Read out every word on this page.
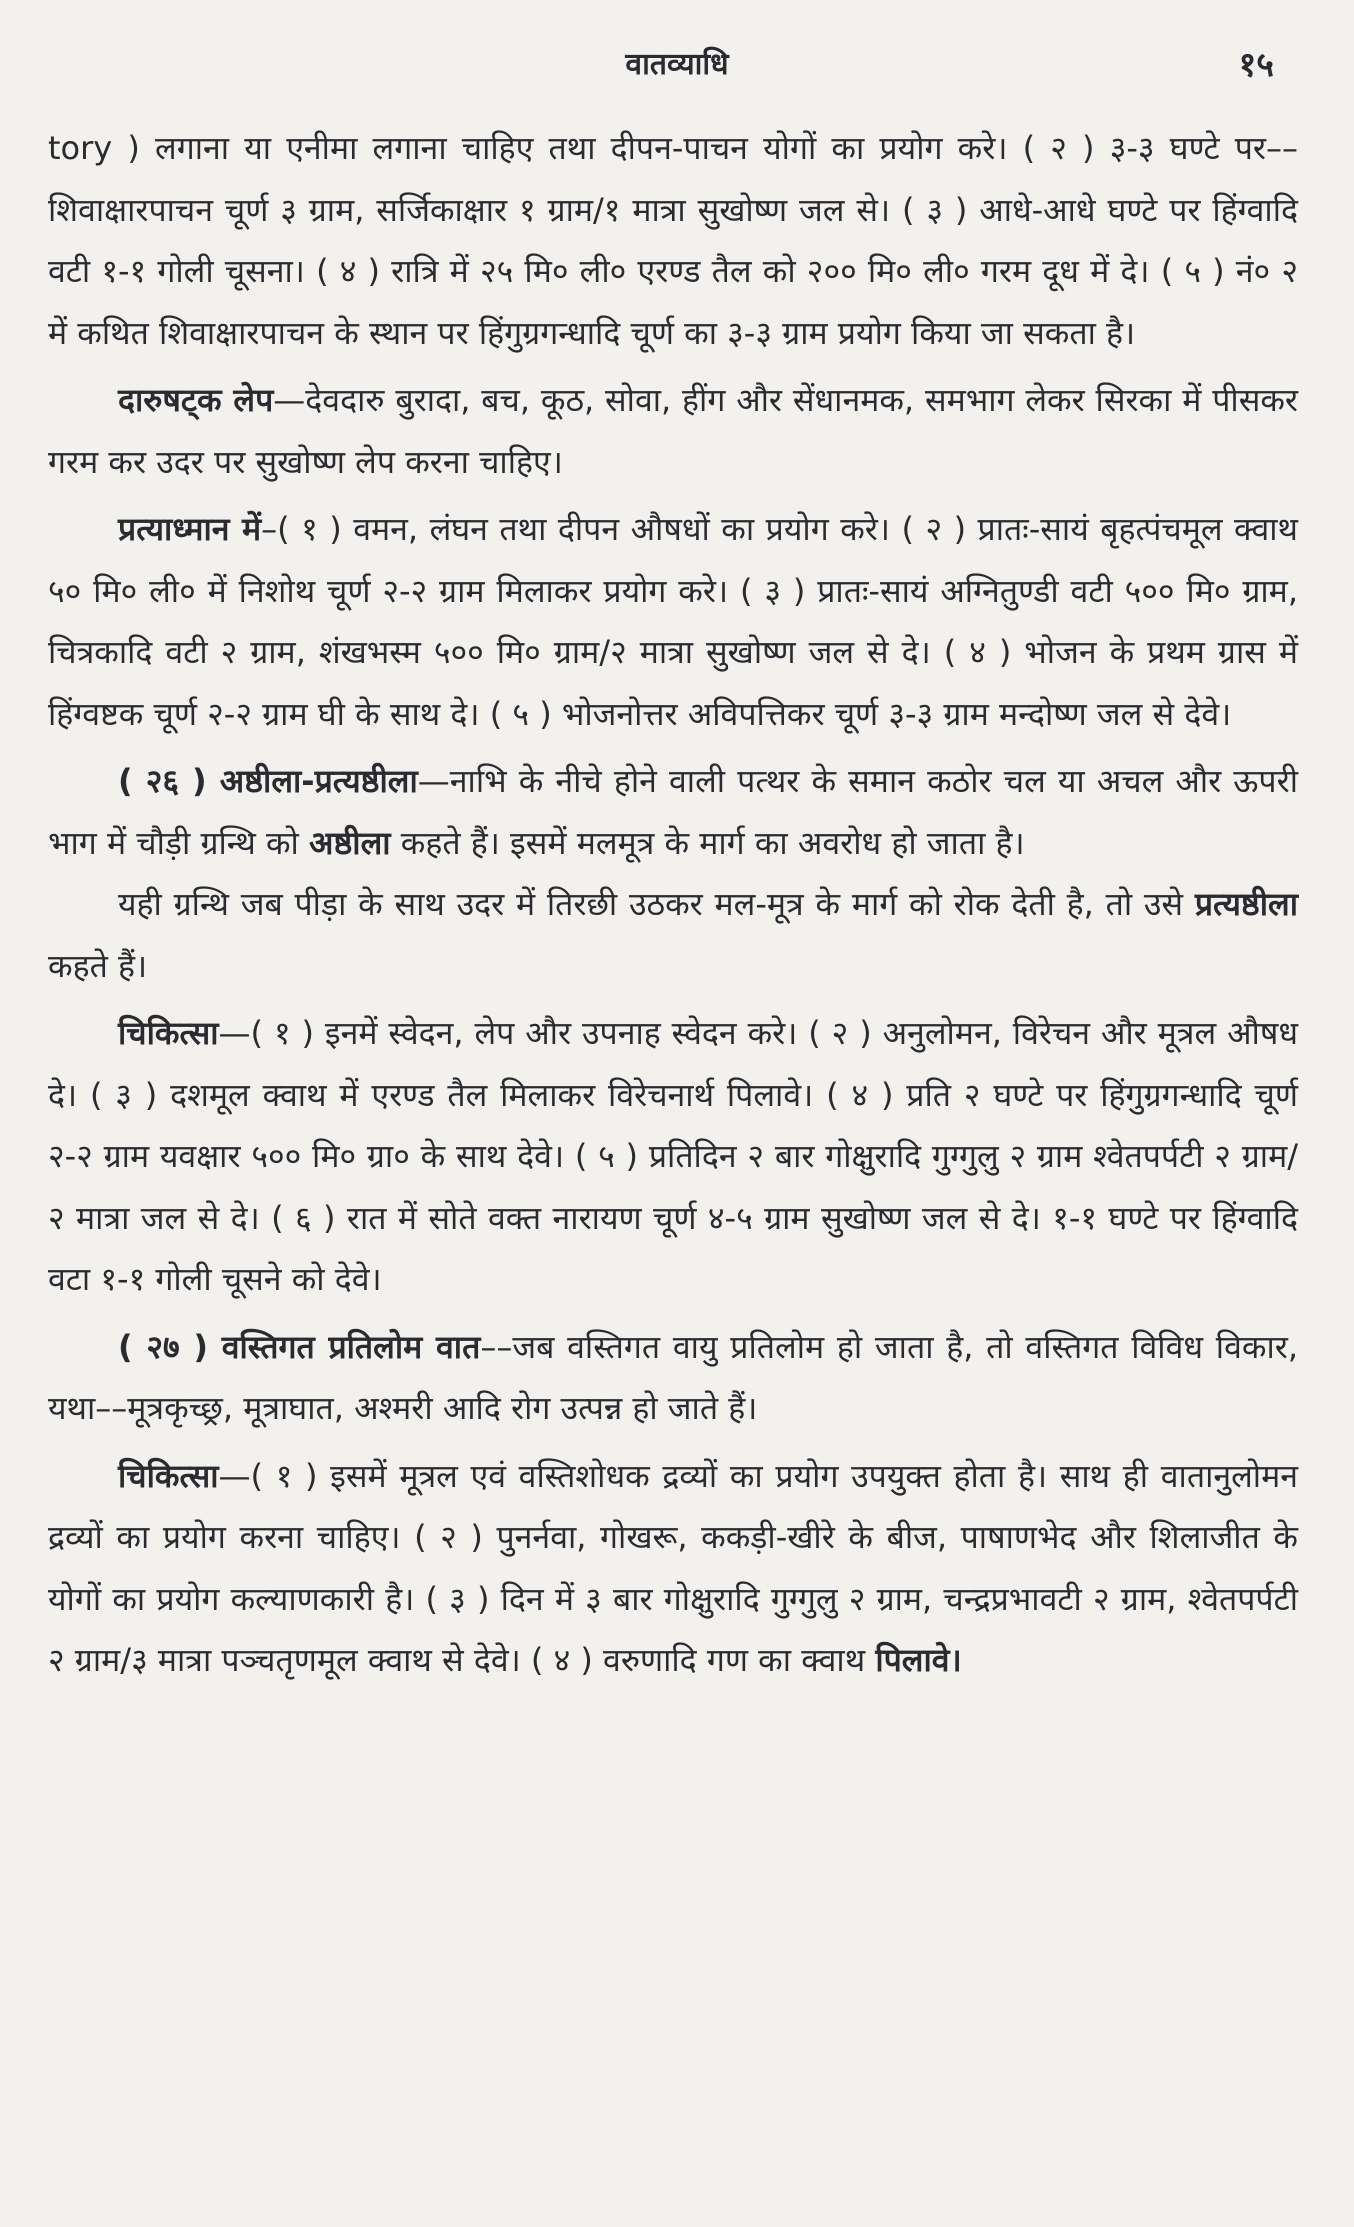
वातव्याधि	१५

tory ) लगाना या एनीमा लगाना चाहिए तथा दीपन-पाचन योगों का प्रयोग करे। ( २ ) ३-३ घण्टे पर––शिवाक्षारपाचन चूर्ण ३ ग्राम, सर्जिकाक्षार १ ग्राम/१ मात्रा सुखोष्ण जल से। ( ३ ) आधे-आधे घण्टे पर हिंग्वादि वटी १-१ गोली चूसना। ( ४ ) रात्रि में २५ मि० ली० एरण्ड तैल को २०० मि० ली० गरम दूध में दे। ( ५ ) नं० २ में कथित शिवाक्षारपाचन के स्थान पर हिंगुग्रगन्धादि चूर्ण का ३-३ ग्राम प्रयोग किया जा सकता है।

दारुषट्क लेप—देवदारु बुरादा, बच, कूठ, सोवा, हींग और सेंधानमक, समभाग लेकर सिरका में पीसकर गरम कर उदर पर सुखोष्ण लेप करना चाहिए।

प्रत्याध्मान में–( १ ) वमन, लंघन तथा दीपन औषधों का प्रयोग करे। ( २ ) प्रातः-सायं बृहत्पंचमूल क्वाथ ५० मि० ली० में निशोथ चूर्ण २-२ ग्राम मिलाकर प्रयोग करे। ( ३ ) प्रातः-सायं अग्नितुण्डी वटी ५०० मि० ग्राम, चित्रकादि वटी २ ग्राम, शंखभस्म ५०० मि० ग्राम/२ मात्रा सुखोष्ण जल से दे। ( ४ ) भोजन के प्रथम ग्रास में हिंग्वष्टक चूर्ण २-२ ग्राम घी के साथ दे। ( ५ ) भोजनोत्तर अविपत्तिकर चूर्ण ३-३ ग्राम मन्दोष्ण जल से देवे।

( २६ ) अष्ठीला-प्रत्यष्ठीला—नाभि के नीचे होने वाली पत्थर के समान कठोर चल या अचल और ऊपरी भाग में चौड़ी ग्रन्थि को अष्ठीला कहते हैं। इसमें मलमूत्र के मार्ग का अवरोध हो जाता है।

यही ग्रन्थि जब पीड़ा के साथ उदर में तिरछी उठकर मल-मूत्र के मार्ग को रोक देती है, तो उसे प्रत्यष्ठीला कहते हैं।

चिकित्सा—( १ ) इनमें स्वेदन, लेप और उपनाह स्वेदन करे। ( २ ) अनुलोमन, विरेचन और मूत्रल औषध दे। ( ३ ) दशमूल क्वाथ में एरण्ड तैल मिलाकर विरेचनार्थ पिलावे। ( ४ ) प्रति २ घण्टे पर हिंगुग्रगन्धादि चूर्ण २-२ ग्राम यवक्षार ५०० मि० ग्रा० के साथ देवे। ( ५ ) प्रतिदिन २ बार गोक्षुरादि गुग्गुलु २ ग्राम श्वेतपर्पटी २ ग्राम/२ मात्रा जल से दे। ( ६ ) रात में सोते वक्त नारायण चूर्ण ४-५ ग्राम सुखोष्ण जल से दे। १-१ घण्टे पर हिंग्वादि वटा १-१ गोली चूसने को देवे।

( २७ ) वस्तिगत प्रतिलोम वात––जब वस्तिगत वायु प्रतिलोम हो जाता है, तो वस्तिगत विविध विकार, यथा––मूत्रकृच्छ्र, मूत्राघात, अश्मरी आदि रोग उत्पन्न हो जाते हैं।

चिकित्सा—( १ ) इसमें मूत्रल एवं वस्तिशोधक द्रव्यों का प्रयोग उपयुक्त होता है। साथ ही वातानुलोमन द्रव्यों का प्रयोग करना चाहिए। ( २ ) पुनर्नवा, गोखरू, ककड़ी-खीरे के बीज, पाषाणभेद और शिलाजीत के योगों का प्रयोग कल्याणकारी है। ( ३ ) दिन में ३ बार गोक्षुरादि गुग्गुलु २ ग्राम, चन्द्रप्रभावटी २ ग्राम, श्वेतपर्पटी २ ग्राम/३ मात्रा पञ्चतृणमूल क्वाथ से देवे। ( ४ ) वरुणादि गण का क्वाथ पिलावे।
